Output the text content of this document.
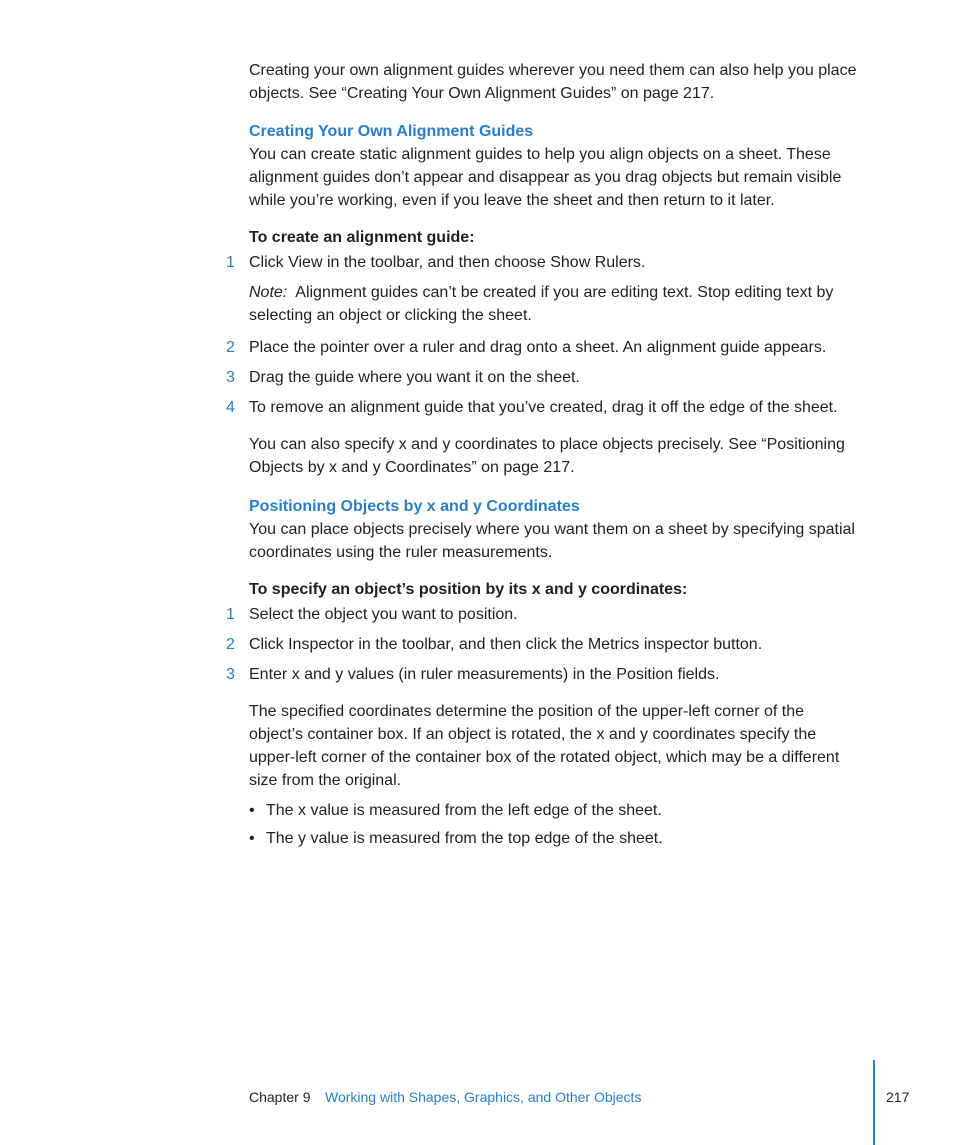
Creating your own alignment guides wherever you need them can also help you place
objects. See “Creating Your Own Alignment Guides” on page 217.

Creating Your Own Alignment Guides

You can create static alignment guides to help you align objects on a sheet. These
alignment guides don’t appear and disappear as you drag objects but remain visible
while you’re working, even if you leave the sheet and then return to it later.

To create an alignment guide:
1 Click View in the toolbar, and then choose Show Rulers.

Note: Alignment guides can’t be created if you are editing text. Stop editing text by
selecting an object or clicking the sheet.

2 Place the pointer over a ruler and drag onto a sheet. An alignment guide appears.
3 Drag the guide where you want it on the sheet.
4 To remove an alignment guide that you’ve created, drag it off the edge of the sheet.

You can also specify x and y coordinates to place objects precisely. See “Positioning
Objects by x and y Coordinates” on page 217.

Positioning Objects by x and y Coordinates

You can place objects precisely where you want them on a sheet by specifying spatial
coordinates using the ruler measurements.

To specify an object’s position by its x and y coordinates:
1 Select the object you want to position.
2 Click Inspector in the toolbar, and then click the Metrics inspector button.
3 Enter x and y values (in ruler measurements) in the Position fields.

The specified coordinates determine the position of the upper-left corner of the
object’s container box. If an object is rotated, the x and y coordinates specify the
upper-left corner of the container box of the rotated object, which may be a different
size from the original.

• The x value is measured from the left edge of the sheet.
• The y value is measured from the top edge of the sheet.
Chapter 9 Working with Shapes, Graphics, and Other Objects	217
